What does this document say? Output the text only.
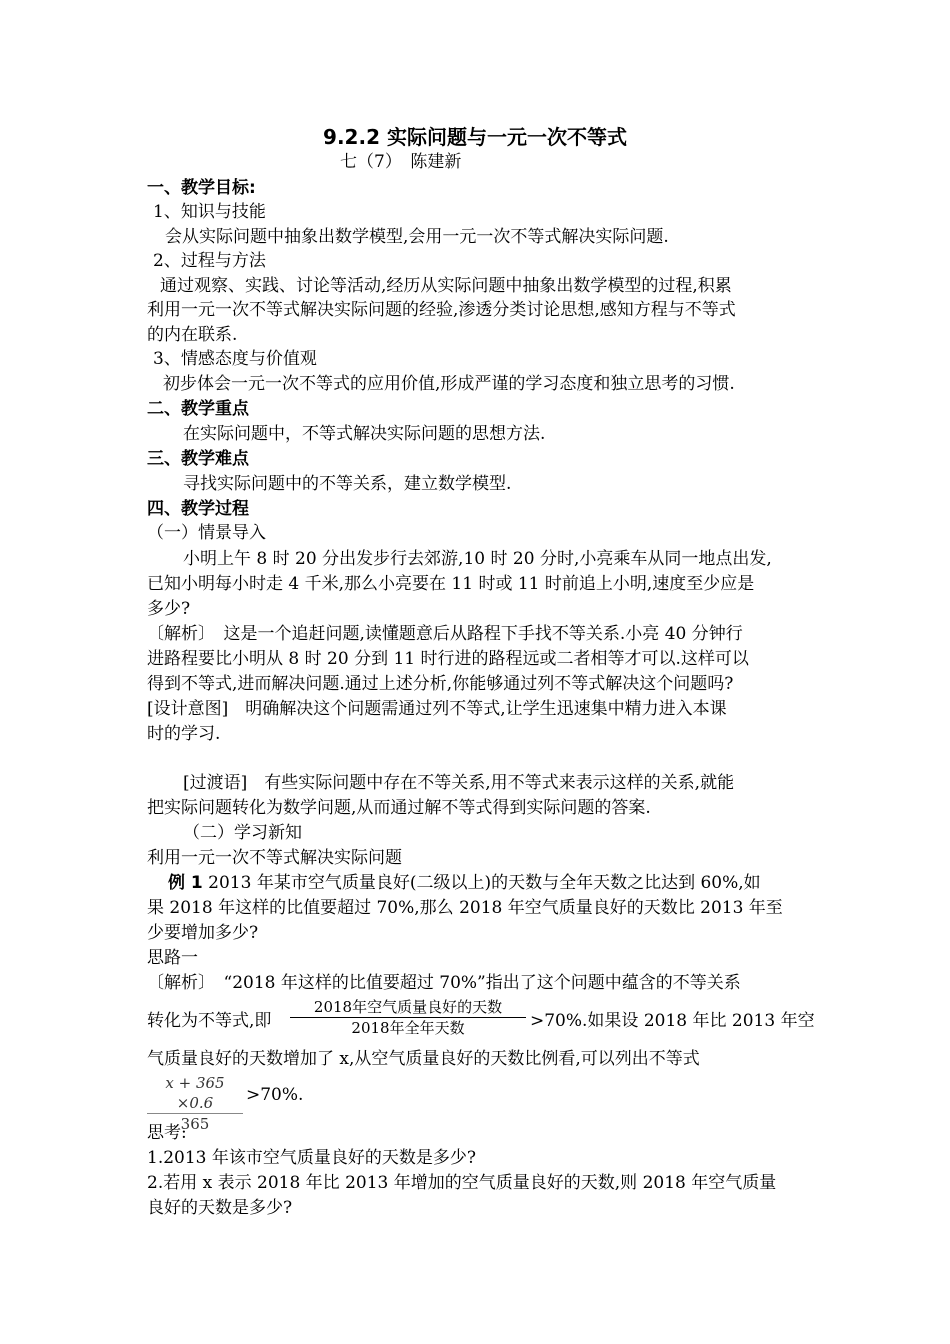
9.2.2 实际问题与一元一次不等式
七（7）　陈建新
一、教学目标:
1、知识与技能
会从实际问题中抽象出数学模型,会用一元一次不等式解决实际问题.
2、过程与方法
通过观察、实践、讨论等活动,经历从实际问题中抽象出数学模型的过程,积累
利用一元一次不等式解决实际问题的经验,渗透分类讨论思想,感知方程与不等式
的内在联系.
3、情感态度与价值观
初步体会一元一次不等式的应用价值,形成严谨的学习态度和独立思考的习惯.
二、教学重点
在实际问题中，不等式解决实际问题的思想方法.
三、教学难点
寻找实际问题中的不等关系，建立数学模型.
四、教学过程
（一）情景导入
小明上午 8 时 20 分出发步行去郊游,10 时 20 分时,小亮乘车从同一地点出发,
已知小明每小时走 4 千米,那么小亮要在 11 时或 11 时前追上小明,速度至少应是
多少?
〔解析〕　这是一个追赶问题,读懂题意后从路程下手找不等关系.小亮 40 分钟行
进路程要比小明从 8 时 20 分到 11 时行进的路程远或二者相等才可以.这样可以
得到不等式,进而解决问题.通过上述分析,你能够通过列不等式解决这个问题吗?
[设计意图]　明确解决这个问题需通过列不等式,让学生迅速集中精力进入本课
时的学习.
[过渡语]　有些实际问题中存在不等关系,用不等式来表示这样的关系,就能
把实际问题转化为数学问题,从而通过解不等式得到实际问题的答案.
（二）学习新知
利用一元一次不等式解决实际问题
例 1 2013 年某市空气质量良好(二级以上)的天数与全年天数之比达到 60%,如
果 2018 年这样的比值要超过 70%,那么 2018 年空气质量良好的天数比 2013 年至
少要增加多少?
思路一
〔解析〕　“2018 年这样的比值要超过 70%”指出了这个问题中蕴含的不等关系
转化为不等式,即
2018年空气质量良好的天数
2018年全年天数	>70%.如果设 2018 年比 2013 年空
气质量良好的天数增加了 x,从空气质量良好的天数比例看,可以列出不等式
$\frac{x + 365 \times 0.6}{365} >70\%$.
思考:
1.2013 年该市空气质量良好的天数是多少?
2.若用 x 表示 2018 年比 2013 年增加的空气质量良好的天数,则 2018 年空气质量
良好的天数是多少?
